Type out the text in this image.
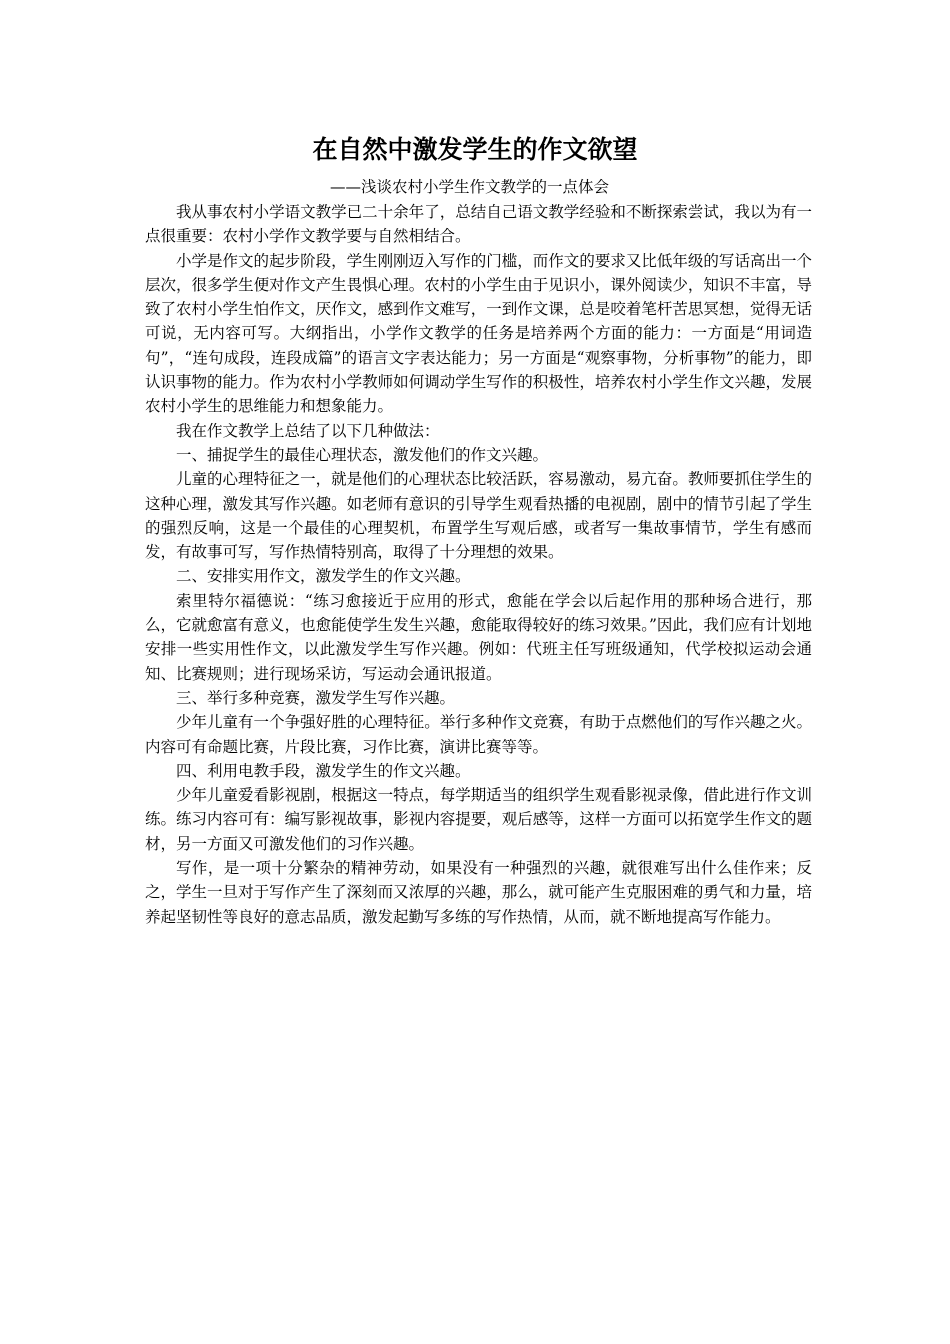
在自然中激发学生的作文欲望
——浅谈农村小学生作文教学的一点体会

我从事农村小学语文教学已二十余年了，总结自己语文教学经验和不断探索尝试，我以为有一点很重要：农村小学作文教学要与自然相结合。

小学是作文的起步阶段，学生刚刚迈入写作的门槛，而作文的要求又比低年级的写话高出一个层次，很多学生便对作文产生畏惧心理。农村的小学生由于见识小，课外阅读少，知识不丰富，导致了农村小学生怕作文，厌作文，感到作文难写，一到作文课，总是咬着笔杆苦思冥想，觉得无话可说，无内容可写。大纲指出，小学作文教学的任务是培养两个方面的能力：一方面是“用词造句”，“连句成段，连段成篇”的语言文字表达能力；另一方面是“观察事物，分析事物”的能力，即认识事物的能力。作为农村小学教师如何调动学生写作的积极性，培养农村小学生作文兴趣，发展农村小学生的思维能力和想象能力。

我在作文教学上总结了以下几种做法：

一、捕捉学生的最佳心理状态，激发他们的作文兴趣。

儿童的心理特征之一，就是他们的心理状态比较活跃，容易激动，易亢奋。教师要抓住学生的这种心理，激发其写作兴趣。如老师有意识的引导学生观看热播的电视剧，剧中的情节引起了学生的强烈反响，这是一个最佳的心理契机，布置学生写观后感，或者写一集故事情节，学生有感而发，有故事可写，写作热情特别高，取得了十分理想的效果。

二、安排实用作文，激发学生的作文兴趣。

索里特尔福德说：“练习愈接近于应用的形式，愈能在学会以后起作用的那种场合进行，那么，它就愈富有意义，也愈能使学生发生兴趣，愈能取得较好的练习效果。”因此，我们应有计划地安排一些实用性作文，以此激发学生写作兴趣。例如：代班主任写班级通知，代学校拟运动会通知、比赛规则；进行现场采访，写运动会通讯报道。

三、举行多种竞赛，激发学生写作兴趣。

少年儿童有一个争强好胜的心理特征。举行多种作文竞赛，有助于点燃他们的写作兴趣之火。内容可有命题比赛，片段比赛，习作比赛，演讲比赛等等。

四、利用电教手段，激发学生的作文兴趣。

少年儿童爱看影视剧，根据这一特点，每学期适当的组织学生观看影视录像，借此进行作文训练。练习内容可有：编写影视故事，影视内容提要，观后感等，这样一方面可以拓宽学生作文的题材，另一方面又可激发他们的习作兴趣。

写作，是一项十分繁杂的精神劳动，如果没有一种强烈的兴趣，就很难写出什么佳作来；反之，学生一旦对于写作产生了深刻而又浓厚的兴趣，那么，就可能产生克服困难的勇气和力量，培养起坚韧性等良好的意志品质，激发起勤写多练的写作热情，从而，就不断地提高写作能力。
